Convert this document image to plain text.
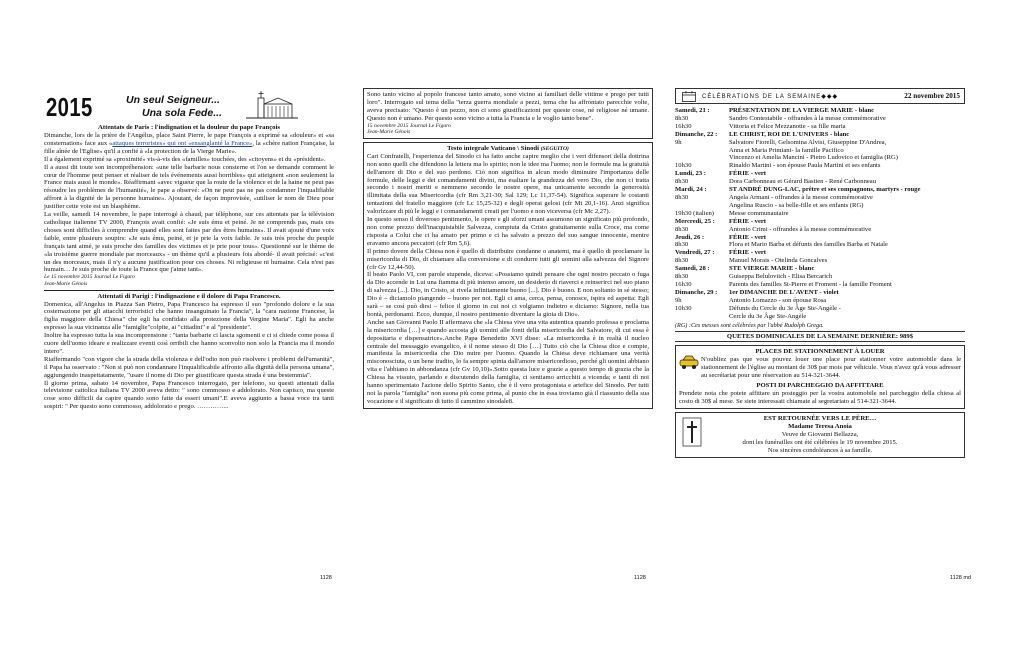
2015	Un seul Seigneur...
Una sola Fede...
Attentats de Paris : l'indignation et la douleur du pape François

Dimanche, lors de la prière de l'Angélus, place Saint Pierre, le pape François a exprimé sa «douleur» et «sa consternation» face aux «attaques terroristes» qui ont «ensanglanté la France», la «chère nation Française, la fille aînée de l'Eglise» qu'il a confié à «la protection de la Vierge Marie».

Il a également exprimé sa «proximité» vis-à-vis des «familles» touchées, des «citoyens» et du «président».

Il a aussi dit toute son incompréhension: «une telle barbarie nous consterne et l'on se demande comment le cœur de l'homme peut penser et réaliser de tels événements aussi horribles» qui atteignent «non seulement la France mais aussi le monde». Réaffirmant «avec vigueur que la route de la violence et de la haine ne peut pas résoudre les problèmes de l'humanité», le pape a observé: «On ne peut pas ne pas condamner l'inqualifiable affront à la dignité de la personne humaine». Ajoutant, de façon improvisée, «utiliser le nom de Dieu pour justifier cette voie est un blasphème.

La veille, samedi 14 novembre, le pape interrogé à chaud, par téléphone, sur ces attentats par la télévision catholique italienne TV 2000, François avait confié: «Je suis ému et peiné. Je ne comprends pas, mais ces choses sont difficiles à comprendre quand elles sont faites par des êtres humains». Il avait ajouté d'une voix faible, entre plusieurs soupirs: «Je suis ému, peiné, et je prie la voix faible. Je suis très proche du peuple français tant aimé, je suis proche des familles des victimes et je prie pour tous». Questionné sur le thème de «la troisième guerre mondiale par morceaux» - un thème qu'il a plusieurs fois abordé- il avait précisé: «c'est un des morceaux, mais il n'y a aucune justification pour ces choses. Ni religieuse ni humaine. Cela n'est pas humain… Je suis proche de toute la France que j'aime tant».

Le 15 novembre 2015 Journal Le Figaro
Jean-Marie Génois
Attentati di Parigi : l'indignazione e il dolore di Papa Francesco.

Domenica, all'Angelus in Piazza San Pietro, Papa Francesco ha espresso il suo "profondo dolore e la sua costernazione per gli attacchi terroristici che hanno insanguinato la Francia", la "cara nazione Francese, la figlia maggiore della Chiesa" che egli ha confidato alla protezione della Vergine Maria". Egli ha anche espresso la sua vicinanza alle "famiglie"colpite, ai "cittadini" e al "presidente".

Inoltre ha espresso tutta la sua incomprensione : "tanta barbarie ci lascia sgomenti e ci si chiede come possa il cuore dell'uomo ideare e realizzare eventi così orribili che hanno sconvolto non solo la Francia ma il mondo intero".

Riaffermando "con vigore che la strada della violenza e dell'odio non può risolvere i problemi dell'umanità", il Papa ha osservato : "Non si può non condannare l'inqualificabile affronto alla dignità della persona umana", aggiungendo inaspettatamente, "usare il nome di Dio per giustificare questa strada è una bestemmia".

Il giorno prima, sabato 14 novembre, Papa Francesco interrogato, per telefono, su questi attentati dalla televisione cattolica italiana TV 2000 aveva detto: " sono commosso e addolorato. Non capisco, ma queste cose sono difficili da capire quando sono fatte da esseri umani".E aveva aggiunto a bassa voce tra tanti sospiri: " Per questo sono commosso, addolorato e prego. …………...

1128
Sono tanto vicino al popolo francese tanto amato, sono vicino ai familiari delle vittime e prego per tutti loro". Interrogato sul tema della "terza guerra mondiale a pezzi, tema che ha affrontato parecchie volte, aveva precisato: "Questo è un pezzo, non ci sono giustificazioni per queste cose, né religiose né umane. Questo non è umano. Per questo sono vicino a tutta la Francia e le voglio tanto bene".
15 novembre 2015 Journal Le Figaro
Jean-Marie Génois
Testo integrale Vaticano \ Sinodi (SEGUITO)

Cari Confratelli, l'esperienza del Sinodo ci ha fatto anche capire meglio che i veri difensori della dottrina non sono quelli che difendono la lettera ma lo spirito; non le idee ma l'uomo; non le formule ma la gratuità dell'amore di Dio e del suo perdono. Ciò non significa in alcun modo diminuire l'importanza delle formule, delle leggi e dei comandamenti divini, ma esaltare la grandezza del vero Dio, che non ci tratta secondo i nostri meriti e nemmeno secondo le nostre opere, ma unicamente secondo la generosità illimitata della sua Misericordia (cfr Rm 3,21-30; Sal 129; Lc 11,37-54). Significa superare le costanti tentazioni del fratello maggiore (cfr Lc 15,25-32) e degli operai gelosi (cfr Mt 20,1-16). Anzi significa valorizzare di più le leggi e i comandamenti creati per l'uomo e non viceversa (cfr Mc 2,27).

In questo senso il doveroso pentimento, le opere e gli sforzi umani assumono un significato più profondo, non come prezzo dell'inacquistabile Salvezza, compiuta da Cristo gratuitamente sulla Croce, ma come risposta a Colui che ci ha amato per primo e ci ha salvato a prezzo del suo sangue innocente, mentre eravamo ancora peccatori (cfr Rm 5,6).

Il primo dovere della Chiesa non è quello di distribuire condanne o anatemi, ma è quello di proclamare la misericordia di Dio, di chiamare alla conversione e di condurre tutti gli uomini alla salvezza del Signore (cfr Gv 12,44-50).

Il beato Paolo VI, con parole stupende, diceva: «Possiamo quindi pensare che ogni nostro peccato o fuga da Dio accende in Lui una fiamma di più intenso amore, un desiderio di riaverci e reinserirci nel suo piano di salvezza [...]. Dio, in Cristo, si rivela infinitamente buono [...]. Dio è buono. E non soltanto in sé stesso; Dio è – diciamolo piangendo – buono per noi. Egli ci ama, cerca, pensa, conosce, ispira ed aspetta: Egli sarà – se così può dirsi – felice il giorno in cui noi ci volgiamo indietro e diciamo: Signore, nella tua bontà, perdonami. Ecco, dunque, il nostro pentimento diventare la gioia di Dio».

Anche san Giovanni Paolo II affermava che «la Chiesa vive una vita autentica quando professa e proclama la misericordia […] e quando accosta gli uomini alle fonti della misericordia del Salvatore, di cui essa è depositaria e dispensatrice».Anche Papa Benedetto XVI disse: «La misericordia è in realtà il nucleo centrale del messaggio evangelico, è il nome stesso di Dio […] Tutto ciò che la Chiesa dice e compie, manifesta la misericordia che Dio nutre per l'uomo. Quando la Chiesa deve richiamare una verità misconosciuta, o un bene tradito, lo fa sempre spinta dall'amore misericordioso, perché gli uomini abbiano vita e l'abbiano in abbondanza (cfr Gv 10,10)».Sotto questa luce e grazie a questo tempo di grazia che la Chiesa ha vissuto, parlando e discutendo della famiglia, ci sentiamo arricchiti a vicenda; e tanti di noi hanno sperimentato l'azione dello Spirito Santo, che è il vero protagonista e artefice del Sinodo. Per tutti noi la parola "famiglia" non suona più come prima, al punto che in essa troviamo già il riassunto della sua vocazione e il significato di tutto il cammino sinodale8.

1128
CÉLÉBRATIONS DE LA SEMAINE◆◆◆	22 novembre 2015
Samedi, 21 :	PRÉSENTATION DE LA VIERGE MARIE - blanc
8h30	Sandro Contestabile - offrandes à la messe commémorative
16h30	Vittoria et Felice Mezzanotte - sa fille maria
Dimanche, 22 :	LE CHRIST, ROI DE L'UNIVERS - blanc
9h	Salvatore Fiorelli, Gelsomina Alvisi, Giuseppine D'Andrea,
Anna et Maria Primiani- la famille Pacifico
Vincenzo et Amelia Mancini - Pietro Ludovico et famiglia (RG)
10h30	Rinaldo Martini - son épouse Paula Martini et ses enfants
Lundi, 23 :	FÉRIE - vert
8h30	Dora Carbonneau et Gérard Bastien - René Carbonneau
Mardi, 24 :	ST ANDRÉ DUNG-LAC, prêtre et ses compagnons, martyrs - rouge
8h30	Angela Armani - offrandes à la messe commémorative
Angelina Ruscio - sa belle-fille et ses enfants (RG)
19h30 (italien)	Messe communautaire
Mercredi, 25 :	FÉRIE - vert
8h30	Antonio Crimi - offrandes à la messe commémorative
Jeudi, 26 :	FÉRIE - vert
8h30	Flora et Mario Barba et défunts des familles Barba et Natale
Vendredi, 27 :	FÉRIE - vert
8h30	Manuel Morais - Otelinda Goncalves
Samedi, 28 :	STE VIERGE MARIE - blanc
8h30	Guiseppa Beluloviich - Elisa Bercarich
16h30	Parents des familles St-Pierre et Froment - la famille Froment
Dimanche, 29 :	1er DIMANCHE DE L'AVENT - violet
9h	Antonio Lomazzo - son épouse Rosa
10h30	Défunts du Cercle du 3e Âge Ste-Angèle -
Cercle du 3e Âge Ste-Angèle
(RG) :Ces messes sont célébrées par l'abbé Rudolph Grega.
QUETES DOMINICALES DE LA SEMAINE DERNIÈRE: 989$
PLACES DE STATIONNEMENT À LOUER
N'oubliez pas que vous pouvez louer une place pour stationner votre automobile dans le stationnement de l'église au montant de 30$ par mois par véhicule. Vous n'avez qu'à vous adresser au secrétariat pour une réservation au 514-321-3644.
POSTI DI PARCHEGGIO DA AFFITTARE
Prendete nota che potete affittare un posteggio per la vostra automobile nel parcheggio della chiesa al costo di 30$ al mese. Se siete interessati chiamate al segretariato al 514-321-3644.
EST RETOURNÉE VERS LE PÈRE…
Madame Teresa Anoia
Veuve de Giovanni Bellazza,
dont les funérailles ont été célébrées le 19 novembre 2015.
Nos sincères condoléances à sa famille.
1128 md
